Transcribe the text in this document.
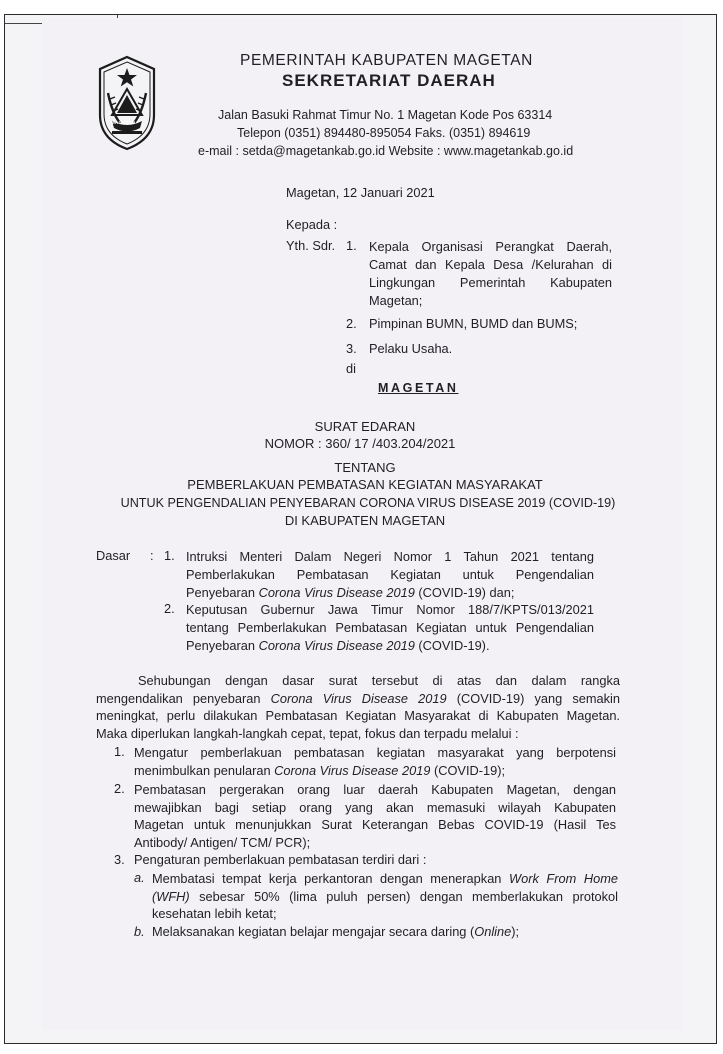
MAGETAN
PEMERINTAH KABUPATEN MAGETAN
SEKRETARIAT DAERAH
Jalan Basuki Rahmat Timur No. 1 Magetan Kode Pos 63314
Telepon (0351) 894480-895054 Faks. (0351) 894619
e-mail : setda@magetankab.go.id Website : www.magetankab.go.id
Magetan, 12 Januari 2021
Kepada :
Yth. Sdr. 1. Kepala Organisasi Perangkat Daerah,
Camat dan Kepala Desa /Kelurahan di
Lingkungan Pemerintah Kabupaten
Magetan;
2. Pimpinan BUMN, BUMD dan BUMS;
3. Pelaku Usaha.
di
MAGETAN
SURAT EDARAN
NOMOR : 360/ 17 /403.204/2021
TENTANG
PEMBERLAKUAN PEMBATASAN KEGIATAN MASYARAKAT
UNTUK PENGENDALIAN PENYEBARAN CORONA VIRUS DISEASE 2019 (COVID-19)
DI KABUPATEN MAGETAN
Dasar : 1. Intruksi Menteri Dalam Negeri Nomor 1 Tahun 2021 tentang
Pemberlakukan Pembatasan Kegiatan untuk Pengendalian
Penyebaran Corona Virus Disease 2019 (COVID-19) dan;
2. Keputusan Gubernur Jawa Timur Nomor 188/7/KPTS/013/2021
tentang Pemberlakukan Pembatasan Kegiatan untuk Pengendalian
Penyebaran Corona Virus Disease 2019 (COVID-19).
Sehubungan dengan dasar surat tersebut di atas dan dalam rangka
mengendalikan penyebaran Corona Virus Disease 2019 (COVID-19) yang semakin
meningkat, perlu dilakukan Pembatasan Kegiatan Masyarakat di Kabupaten Magetan.
Maka diperlukan langkah-langkah cepat, tepat, fokus dan terpadu melalui :
1. Mengatur pemberlakuan pembatasan kegiatan masyarakat yang berpotensi
menimbulkan penularan Corona Virus Disease 2019 (COVID-19);
2. Pembatasan pergerakan orang luar daerah Kabupaten Magetan, dengan
mewajibkan bagi setiap orang yang akan memasuki wilayah Kabupaten
Magetan untuk menunjukkan Surat Keterangan Bebas COVID-19 (Hasil Tes
Antibody/ Antigen/ TCM/ PCR);
3. Pengaturan pemberlakuan pembatasan terdiri dari :
a. Membatasi tempat kerja perkantoran dengan menerapkan Work From Home
(WFH) sebesar 50% (lima puluh persen) dengan memberlakukan protokol
kesehatan lebih ketat;
b. Melaksanakan kegiatan belajar mengajar secara daring (Online);
